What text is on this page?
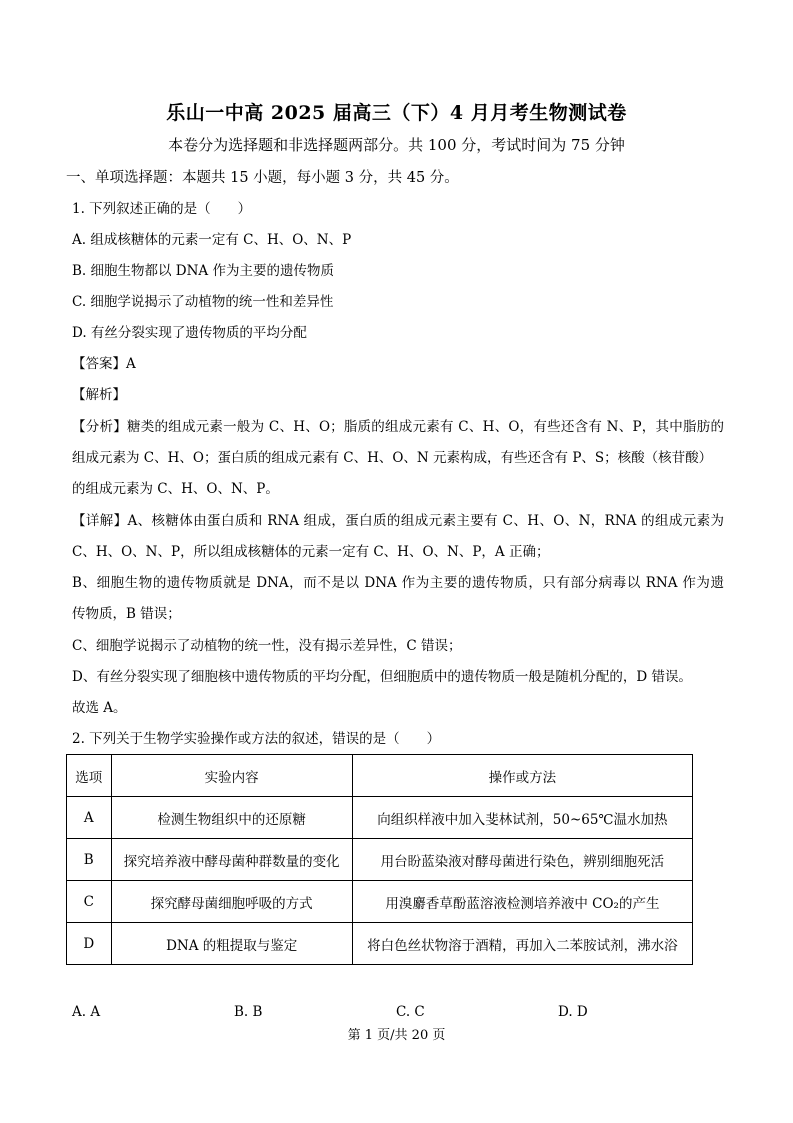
乐山一中高 2025 届高三（下）4 月月考生物测试卷
本卷分为选择题和非选择题两部分。共 100 分，考试时间为 75 分钟
一、单项选择题：本题共 15 小题，每小题 3 分，共 45 分。
1. 下列叙述正确的是（　　）
A. 组成核糖体的元素一定有 C、H、O、N、P
B. 细胞生物都以 DNA 作为主要的遗传物质
C. 细胞学说揭示了动植物的统一性和差异性
D. 有丝分裂实现了遗传物质的平均分配
【答案】A
【解析】
【分析】糖类的组成元素一般为 C、H、O；脂质的组成元素有 C、H、O，有些还含有 N、P，其中脂肪的
组成元素为 C、H、O；蛋白质的组成元素有 C、H、O、N 元素构成，有些还含有 P、S；核酸（核苷酸）
的组成元素为 C、H、O、N、P。
【详解】A、核糖体由蛋白质和 RNA 组成，蛋白质的组成元素主要有 C、H、O、N，RNA 的组成元素为
C、H、O、N、P，所以组成核糖体的元素一定有 C、H、O、N、P，A 正确；
B、细胞生物的遗传物质就是 DNA，而不是以 DNA 作为主要的遗传物质，只有部分病毒以 RNA 作为遗
传物质，B 错误；
C、细胞学说揭示了动植物的统一性，没有揭示差异性，C 错误；
D、有丝分裂实现了细胞核中遗传物质的平均分配，但细胞质中的遗传物质一般是随机分配的，D 错误。
故选 A。
2. 下列关于生物学实验操作或方法的叙述，错误的是（　　）
选项	实验内容	操作或方法
A	检测生物组织中的还原糖	向组织样液中加入斐林试剂，50~65℃温水加热
B	探究培养液中酵母菌种群数量的变化	用台盼蓝染液对酵母菌进行染色，辨别细胞死活
C	探究酵母菌细胞呼吸的方式	用溴麝香草酚蓝溶液检测培养液中 CO₂的产生
D	DNA 的粗提取与鉴定	将白色丝状物溶于酒精，再加入二苯胺试剂，沸水浴
A. A	B. B	C. C	D. D
第 1 页/共 20 页
